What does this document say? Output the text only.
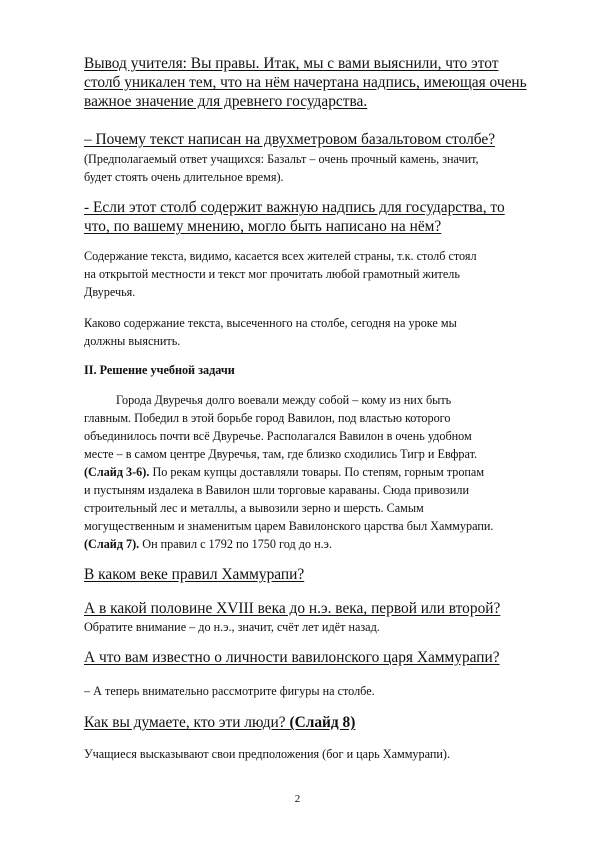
Вывод учителя: Вы правы. Итак, мы с вами выяснили, что этот
столб уникален тем, что на нём начертана надпись, имеющая очень
важное значение для древнего государства.
– Почему текст написан на двухметровом базальтовом столбе?
(Предполагаемый ответ учащихся: Базальт – очень прочный камень, значит,
будет стоять очень длительное время).
- Если этот столб содержит важную надпись для государства, то
что, по вашему мнению, могло быть написано на нём?
Содержание текста, видимо, касается всех жителей страны, т.к. столб стоял
на открытой местности и текст мог прочитать любой грамотный житель
Двуречья.
Каково содержание текста, высеченного на столбе, сегодня на уроке мы
должны выяснить.
II. Решение учебной задачи
Города Двуречья долго воевали между собой – кому из них быть
главным. Победил в этой борьбе город Вавилон, под властью которого
объединилось почти всё Двуречье. Располагался Вавилон в очень удобном
месте – в самом центре Двуречья, там, где близко сходились Тигр и Евфрат.
(Слайд 3-6). По рекам купцы доставляли товары. По степям, горным тропам
и пустыням издалека в Вавилон шли торговые караваны. Сюда привозили
строительный лес и металлы, а вывозили зерно и шерсть. Самым
могущественным и знаменитым царем Вавилонского царства был Хаммурапи.
(Слайд 7). Он правил с 1792 по 1750 год до н.э.
В каком веке правил Хаммурапи?
А в какой половине XVIII века до н.э. века, первой или второй?
Обратите внимание – до н.э., значит, счёт лет идёт назад.
А что вам известно о личности вавилонского царя Хаммурапи?
– А теперь внимательно рассмотрите фигуры на столбе.
Как вы думаете, кто эти люди? (Слайд 8)
Учащиеся высказывают свои предположения (бог и царь Хаммурапи).
2
